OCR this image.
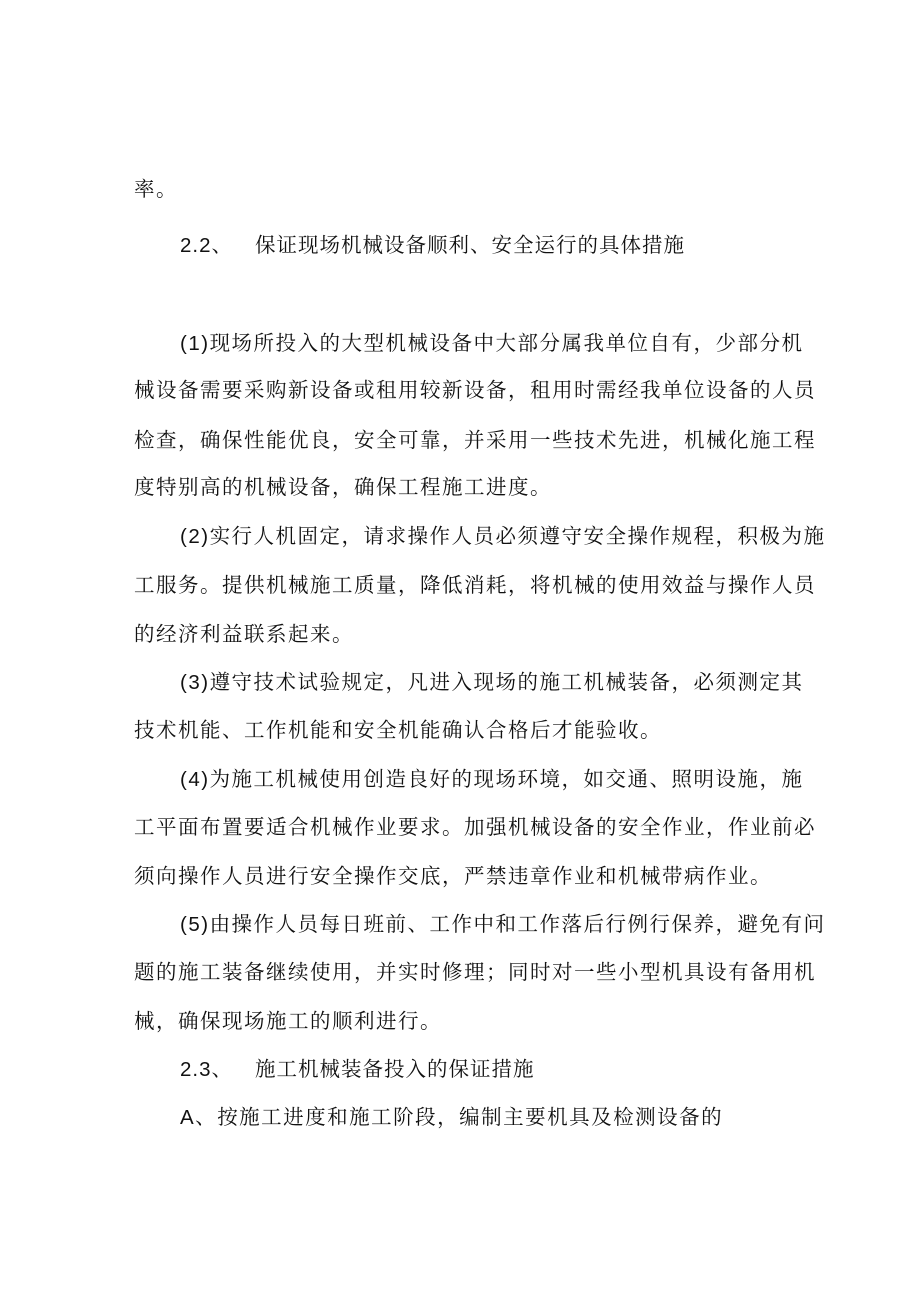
率。
2.2、 保证现场机械设备顺利、安全运行的具体措施
(1)现场所投入的大型机械设备中大部分属我单位自有，少部分机
械设备需要采购新设备或租用较新设备，租用时需经我单位设备的人员
检查，确保性能优良，安全可靠，并采用一些技术先进，机械化施工程
度特别高的机械设备，确保工程施工进度。
(2)实行人机固定，请求操作人员必须遵守安全操作规程，积极为施
工服务。提供机械施工质量，降低消耗，将机械的使用效益与操作人员
的经济利益联系起来。
(3)遵守技术试验规定，凡进入现场的施工机械装备，必须测定其
技术机能、工作机能和安全机能确认合格后才能验收。
(4)为施工机械使用创造良好的现场环境，如交通、照明设施，施
工平面布置要适合机械作业要求。加强机械设备的安全作业，作业前必
须向操作人员进行安全操作交底，严禁违章作业和机械带病作业。
(5)由操作人员每日班前、工作中和工作落后行例行保养，避免有问
题的施工装备继续使用，并实时修理；同时对一些小型机具设有备用机
械，确保现场施工的顺利进行。
2.3、 施工机械装备投入的保证措施
A、按施工进度和施工阶段，编制主要机具及检测设备的
